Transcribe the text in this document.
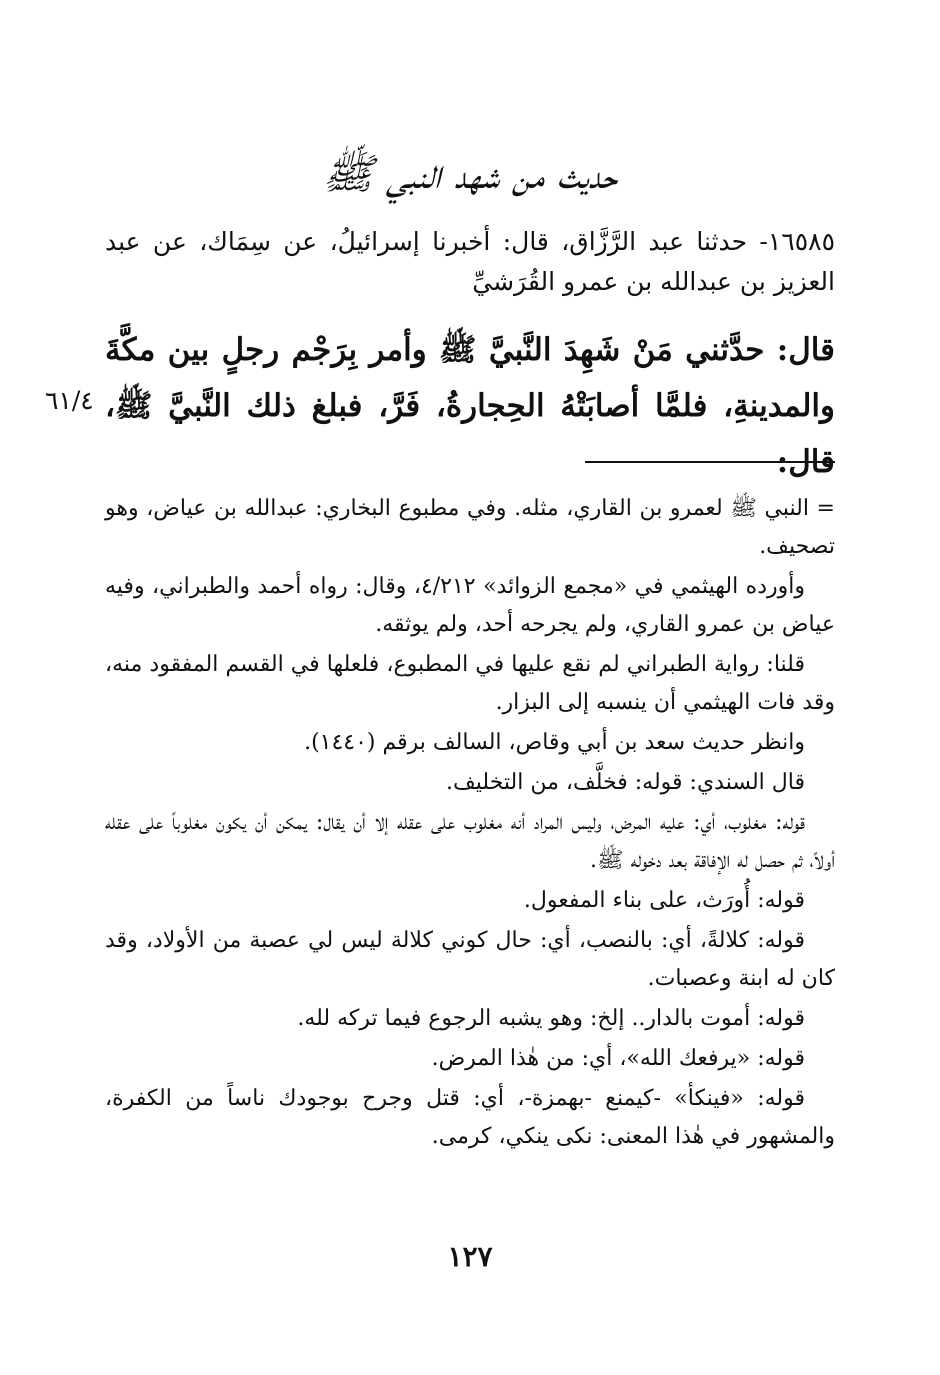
حديث من شهد النبي ﷺ
١٦٥٨٥- حدثنا عبد الرَّزَّاق، قال: أخبرنا إسرائيلُ، عن سِمَاك، عن عبد العزيز بن عبدالله بن عمرو القُرَشيِّ
قال: حدَّثني مَنْ شَهِدَ النَّبيَّ ﷺ وأمر بِرَجْم رجلٍ بين مكَّةَ والمدينةِ، فلمَّا أصابَتْهُ الحِجارةُ، فَرَّ، فبلغ ذلك النَّبيَّ ﷺ، قال:
٦١/٤

= النبي ﷺ لعمرو بن القاري، مثله. وفي مطبوع البخاري: عبدالله بن عياض، وهو تصحيف.

وأورده الهيثمي في «مجمع الزوائد» ٤/٢١٢، وقال: رواه أحمد والطبراني، وفيه عياض بن عمرو القاري، ولم يجرحه أحد، ولم يوثقه.

قلنا: رواية الطبراني لم نقع عليها في المطبوع، فلعلها في القسم المفقود منه، وقد فات الهيثمي أن ينسبه إلى البزار.

وانظر حديث سعد بن أبي وقاص، السالف برقم (١٤٤٠).

قال السندي: قوله: فخلَّف، من التخليف.

قوله: مغلوب، أي: عليه المرض، وليس المراد أنه مغلوب على عقله إلا أن يقال: يمكن أن يكون مغلوباً على عقله أولاً، ثم حصل له الإفاقة بعد دخوله ﷺ.

قوله: أُورَث، على بناء المفعول.

قوله: كلالةً، أي: بالنصب، أي: حال كوني كلالة ليس لي عصبة من الأولاد، وقد كان له ابنة وعصبات.

قوله: أموت بالدار.. إلخ: وهو يشبه الرجوع فيما تركه لله.

قوله: «يرفعك الله»، أي: من هٰذا المرض.

قوله: «فينكأ» -كيمنع -بهمزة-، أي: قتل وجرح بوجودك ناساً من الكفرة، والمشهور في هٰذا المعنى: نكى ينكي، كرمى.

١٢٧
